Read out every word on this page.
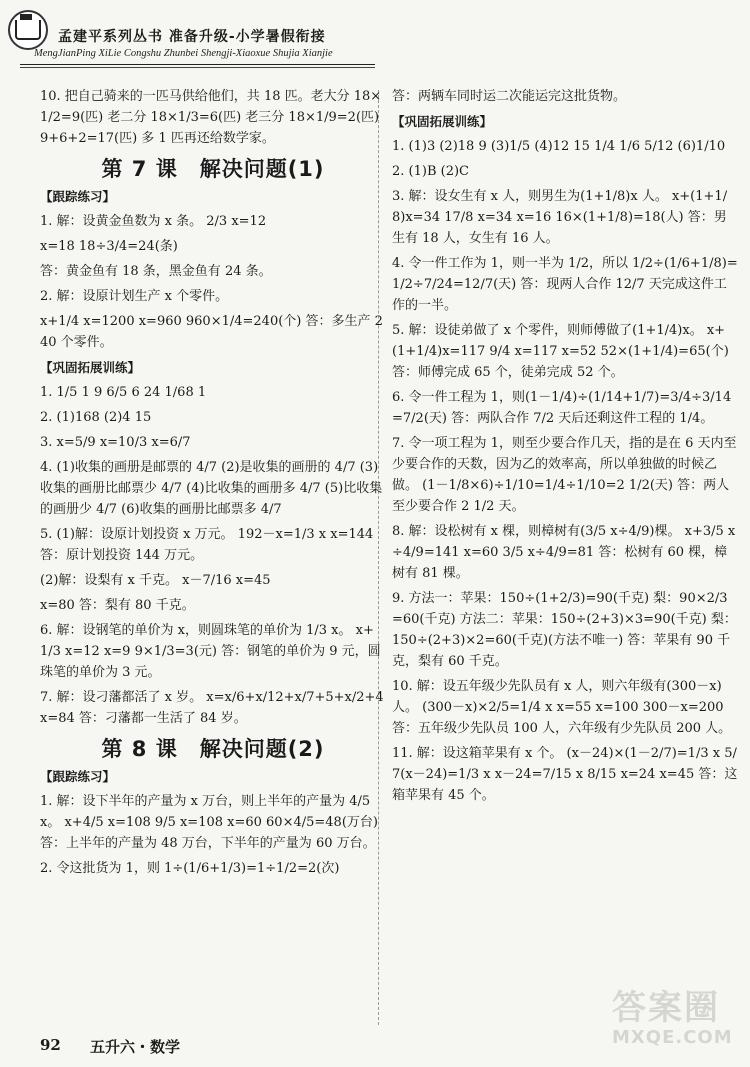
孟建平系列丛书 准备升级-小学暑假衔接
MengJianPing XiLie Congshu Zhunbei Shengji-Xiaoxue Shujia Xianjie

10. 把自己骑来的一匹马供给他们，共 18 匹。老大分 18×1/2=9(匹) 老二分 18×1/3=6(匹) 老三分 18×1/9=2(匹) 9+6+2=17(匹) 多 1 匹再还给数学家。

第 7 课　解决问题(1)
【跟踪练习】

1. 解：设黄金鱼数为 x 条。 2/3 x=12

x=18 18÷3/4=24(条)

答：黄金鱼有 18 条，黑金鱼有 24 条。

2. 解：设原计划生产 x 个零件。

x+1/4 x=1200 x=960 960×1/4=240(个) 答：多生产 240 个零件。

【巩固拓展训练】

1. 1/5 1 9 6/5 6 24 1/68 1

2. (1)168 (2)4 15

3. x=5/9 x=10/3 x=6/7

4. (1)收集的画册是邮票的 4/7 (2)是收集的画册的 4/7 (3)收集的画册比邮票少 4/7 (4)比收集的画册多 4/7 (5)比收集的画册少 4/7 (6)收集的画册比邮票多 4/7

5. (1)解：设原计划投资 x 万元。 192－x=1/3 x x=144 答：原计划投资 144 万元。

(2)解：设梨有 x 千克。 x－7/16 x=45

x=80 答：梨有 80 千克。

6. 解：设钢笔的单价为 x，则圆珠笔的单价为 1/3 x。 x+1/3 x=12 x=9 9×1/3=3(元) 答：钢笔的单价为 9 元，圆珠笔的单价为 3 元。

7. 解：设刁藩都活了 x 岁。 x=x/6+x/12+x/7+5+x/2+4 x=84 答：刁藩都一生活了 84 岁。

第 8 课　解决问题(2)
【跟踪练习】

1. 解：设下半年的产量为 x 万台，则上半年的产量为 4/5 x。 x+4/5 x=108 9/5 x=108 x=60 60×4/5=48(万台) 答：上半年的产量为 48 万台，下半年的产量为 60 万台。

2. 令这批货为 1，则 1÷(1/6+1/3)=1÷1/2=2(次)

答：两辆车同时运二次能运完这批货物。

【巩固拓展训练】

1. (1)3 (2)18 9 (3)1/5 (4)12 15 1/4 1/6 5/12 (6)1/10

2. (1)B (2)C

3. 解：设女生有 x 人，则男生为(1+1/8)x 人。 x+(1+1/8)x=34 17/8 x=34 x=16 16×(1+1/8)=18(人) 答：男生有 18 人，女生有 16 人。

4. 令一件工作为 1，则一半为 1/2，所以 1/2÷(1/6+1/8)=1/2÷7/24=12/7(天) 答：现两人合作 12/7 天完成这件工作的一半。

5. 解：设徒弟做了 x 个零件，则师傅做了(1+1/4)x。 x+(1+1/4)x=117 9/4 x=117 x=52 52×(1+1/4)=65(个) 答：师傅完成 65 个，徒弟完成 52 个。

6. 令一件工程为 1，则(1－1/4)÷(1/14+1/7)=3/4÷3/14=7/2(天) 答：两队合作 7/2 天后还剩这件工程的 1/4。

7. 令一项工程为 1，则至少要合作几天，指的是在 6 天内至少要合作的天数，因为乙的效率高，所以单独做的时候乙做。 (1－1/8×6)÷1/10=1/4÷1/10=2 1/2(天) 答：两人至少要合作 2 1/2 天。

8. 解：设松树有 x 棵，则樟树有(3/5 x÷4/9)棵。 x+3/5 x÷4/9=141 x=60 3/5 x÷4/9=81 答：松树有 60 棵，樟树有 81 棵。

9. 方法一：苹果：150÷(1+2/3)=90(千克) 梨：90×2/3=60(千克) 方法二：苹果：150÷(2+3)×3=90(千克) 梨：150÷(2+3)×2=60(千克)(方法不唯一) 答：苹果有 90 千克，梨有 60 千克。

10. 解：设五年级少先队员有 x 人，则六年级有(300－x)人。 (300－x)×2/5=1/4 x x=55 x=100 300－x=200 答：五年级少先队员 100 人，六年级有少先队员 200 人。

11. 解：设这箱苹果有 x 个。 (x－24)×(1－2/7)=1/3 x 5/7(x－24)=1/3 x x－24=7/15 x 8/15 x=24 x=45 答：这箱苹果有 45 个。

92 五升六・数学
答案圈
MXQE.COM
